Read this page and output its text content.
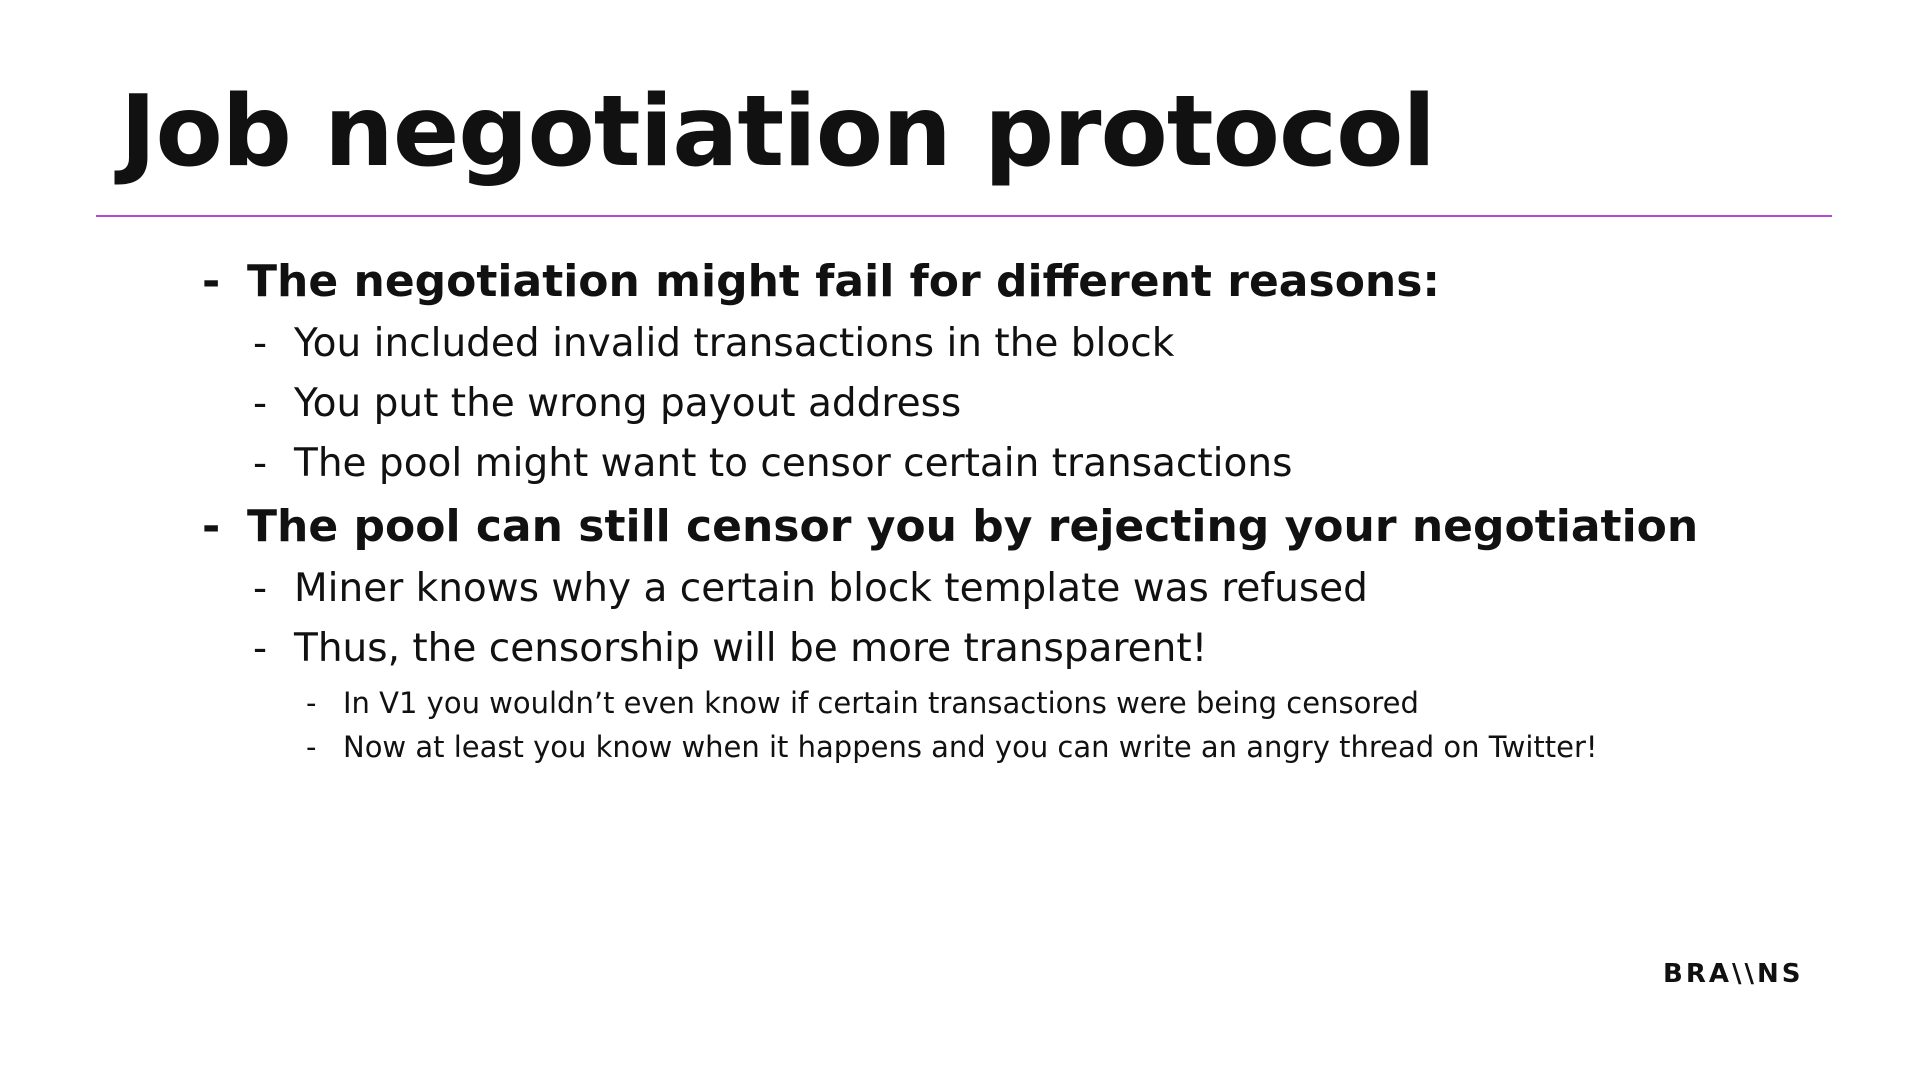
Job negotiation protocol
- The negotiation might fail for different reasons:
- You included invalid transactions in the block
- You put the wrong payout address
- The pool might want to censor certain transactions
- The pool can still censor you by rejecting your negotiation
- Miner knows why a certain block template was refused
- Thus, the censorship will be more transparent!
- In V1 you wouldn’t even know if certain transactions were being censored
- Now at least you know when it happens and you can write an angry thread on Twitter!
BRA\\NS
